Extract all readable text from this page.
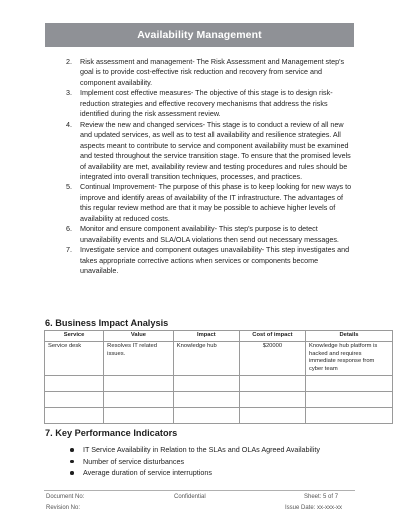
Availability Management
2. Risk assessment and management- The Risk Assessment and Management step's goal is to provide cost-effective risk reduction and recovery from service and component availability.
3. Implement cost effective measures- The objective of this stage is to design risk-reduction strategies and effective recovery mechanisms that address the risks identified during the risk assessment review.
4. Review the new and changed services- This stage is to conduct a review of all new and updated services, as well as to test all availability and resilience strategies. All aspects meant to contribute to service and component availability must be examined and tested throughout the service transition stage. To ensure that the promised levels of availability are met, availability review and testing procedures and rules should be integrated into overall transition techniques, processes, and practices.
5. Continual Improvement- The purpose of this phase is to keep looking for new ways to improve and identify areas of availability of the IT infrastructure. The advantages of this regular review method are that it may be possible to achieve higher levels of availability at reduced costs.
6. Monitor and ensure component availability- This step's purpose is to detect unavailability events and SLA/OLA violations then send out necessary messages.
7. Investigate service and component outages unavailability- This step investigates and takes appropriate corrective actions when services or components become unavailable.
6. Business Impact Analysis
Service	Value	Impact	Cost of impact	Details
Service desk	Resolves IT related issues.	Knowledge hub	$20000	Knowledge hub platform is hacked and requires immediate response from cyber team

7. Key Performance Indicators
IT Service Availability in Relation to the SLAs and OLAs Agreed Availability
Number of service disturbances
Average duration of service interruptions
Document No:
Revision No:
Confidential	Sheet: 5 of 7
Issue Date: xx-xxx-xx
